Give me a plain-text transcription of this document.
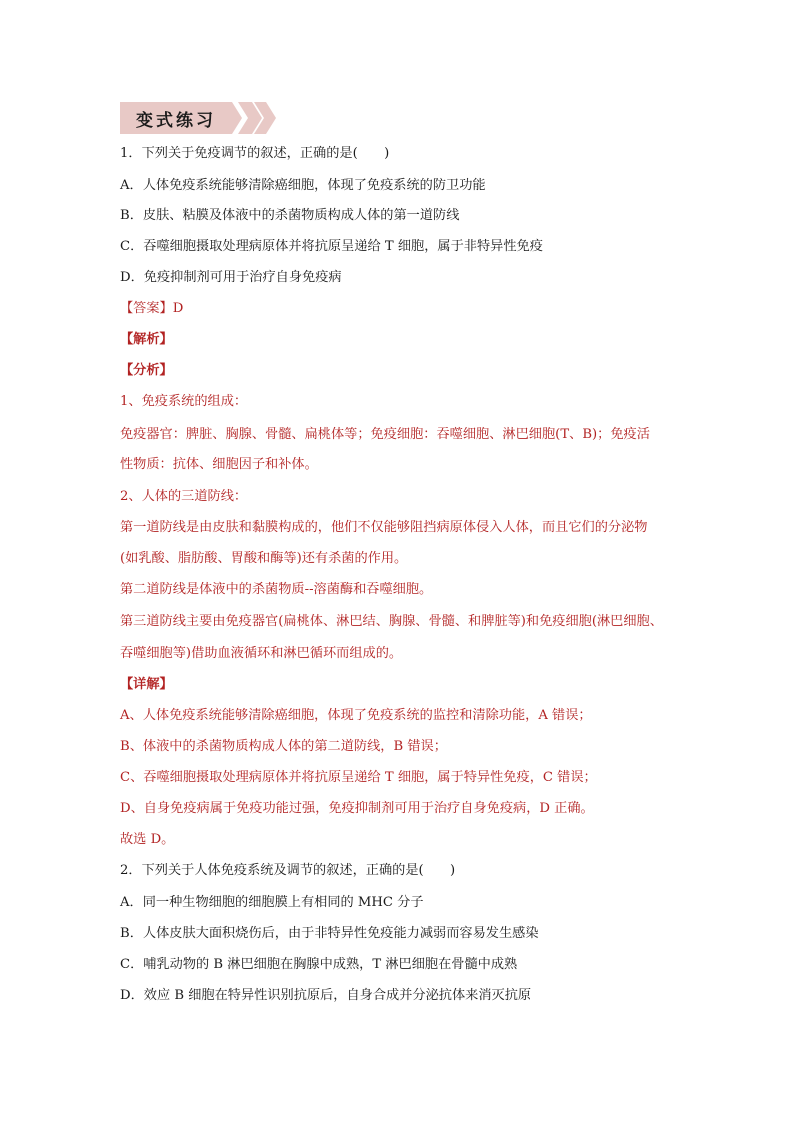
变式练习
1．下列关于免疫调节的叙述，正确的是(　　)
A．人体免疫系统能够清除癌细胞，体现了免疫系统的防卫功能
B．皮肤、粘膜及体液中的杀菌物质构成人体的第一道防线
C．吞噬细胞摄取处理病原体并将抗原呈递给 T 细胞，属于非特异性免疫
D．免疫抑制剂可用于治疗自身免疫病
【答案】D
【解析】
【分析】
1、免疫系统的组成：
免疫器官：脾脏、胸腺、骨髓、扁桃体等；免疫细胞：吞噬细胞、淋巴细胞(T、B)；免疫活
性物质：抗体、细胞因子和补体。
2、人体的三道防线：
第一道防线是由皮肤和黏膜构成的，他们不仅能够阻挡病原体侵入人体，而且它们的分泌物
(如乳酸、脂肪酸、胃酸和酶等)还有杀菌的作用。
第二道防线是体液中的杀菌物质--溶菌酶和吞噬细胞。
第三道防线主要由免疫器官(扁桃体、淋巴结、胸腺、骨髓、和脾脏等)和免疫细胞(淋巴细胞、
吞噬细胞等)借助血液循环和淋巴循环而组成的。
【详解】
A、人体免疫系统能够清除癌细胞，体现了免疫系统的监控和清除功能，A 错误；
B、体液中的杀菌物质构成人体的第二道防线，B 错误；
C、吞噬细胞摄取处理病原体并将抗原呈递给 T 细胞，属于特异性免疫，C 错误；
D、自身免疫病属于免疫功能过强，免疫抑制剂可用于治疗自身免疫病，D 正确。
故选 D。
2．下列关于人体免疫系统及调节的叙述，正确的是(　　)
A．同一种生物细胞的细胞膜上有相同的 MHC 分子
B．人体皮肤大面积烧伤后，由于非特异性免疫能力减弱而容易发生感染
C．哺乳动物的 B 淋巴细胞在胸腺中成熟，T 淋巴细胞在骨髓中成熟
D．效应 B 细胞在特异性识别抗原后，自身合成并分泌抗体来消灭抗原
